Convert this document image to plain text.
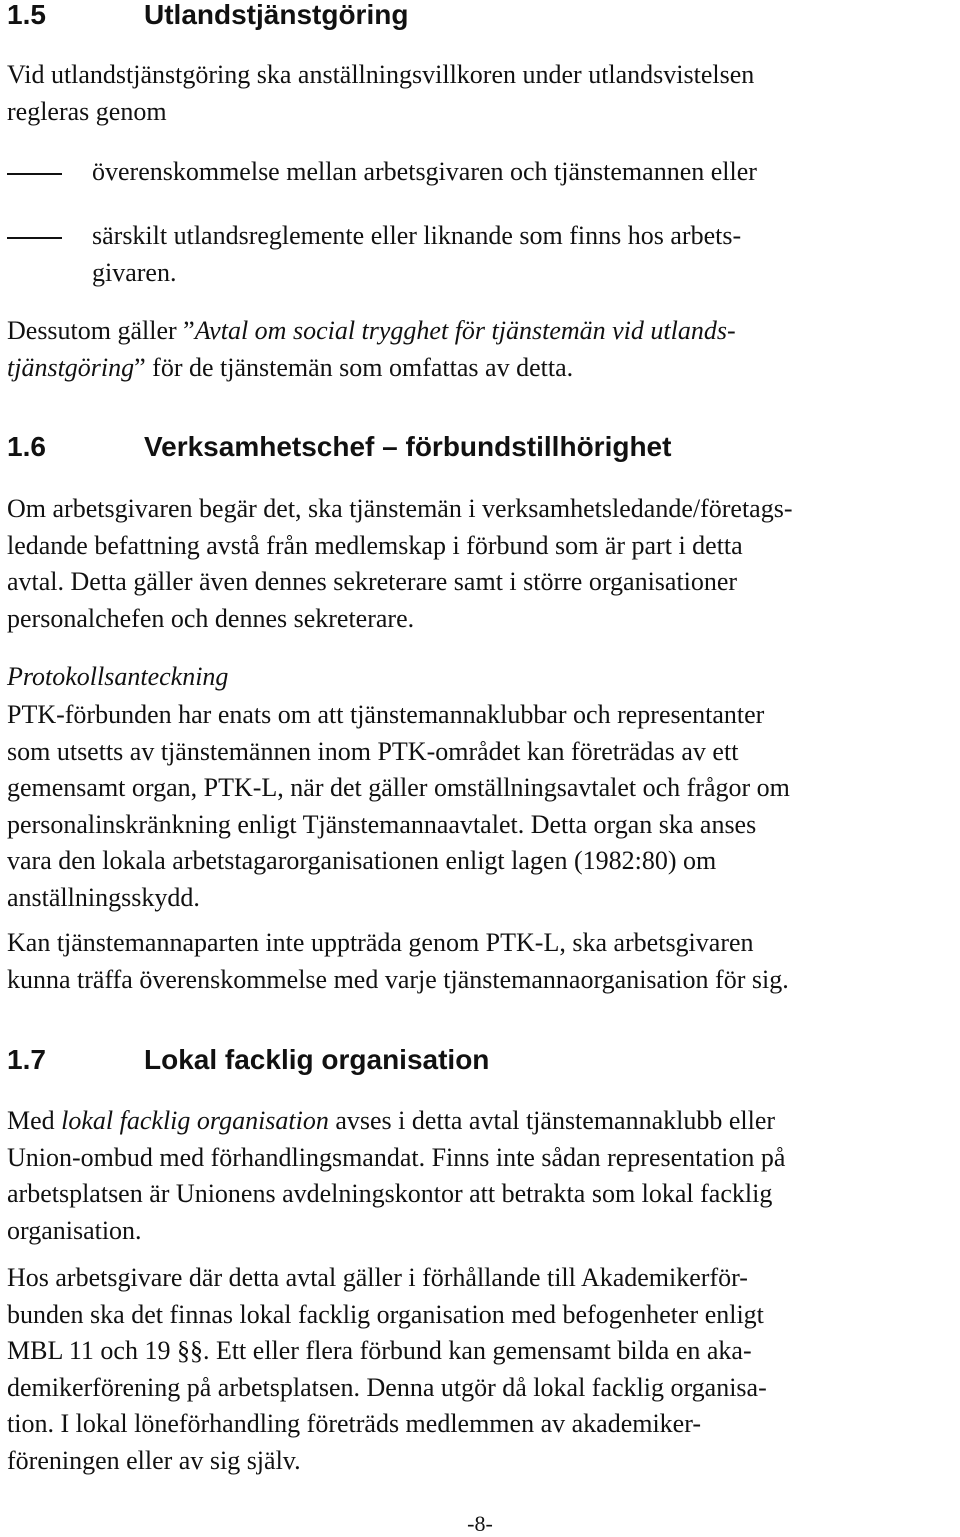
1.5	Utlandstjänstgöring

Vid utlandstjänstgöring ska anställningsvillkoren under utlandsvistelsen
regleras genom

överenskommelse mellan arbetsgivaren och tjänstemannen eller
särskilt utlandsreglemente eller liknande som finns hos arbets-
givaren.

Dessutom gäller ”Avtal om social trygghet för tjänstemän vid utlands-
tjänstgöring” för de tjänstemän som omfattas av detta.

1.6	Verksamhetschef – förbundstillhörighet

Om arbetsgivaren begär det, ska tjänstemän i verksamhetsledande/företags-
ledande befattning avstå från medlemskap i förbund som är part i detta
avtal. Detta gäller även dennes sekreterare samt i större organisationer
personalchefen och dennes sekreterare.

Protokollsanteckning

PTK-förbunden har enats om att tjänstemannaklubbar och representanter
som utsetts av tjänstemännen inom PTK-området kan företrädas av ett
gemensamt organ, PTK-L, när det gäller omställningsavtalet och frågor om
personalinskränkning enligt Tjänstemannaavtalet. Detta organ ska anses
vara den lokala arbetstagarorganisationen enligt lagen (1982:80) om
anställningsskydd.

Kan tjänstemannaparten inte uppträda genom PTK-L, ska arbetsgivaren
kunna träffa överenskommelse med varje tjänstemannaorganisation för sig.

1.7	Lokal facklig organisation

Med lokal facklig organisation avses i detta avtal tjänstemannaklubb eller
Union-ombud med förhandlingsmandat. Finns inte sådan representation på
arbetsplatsen är Unionens avdelningskontor att betrakta som lokal facklig
organisation.

Hos arbetsgivare där detta avtal gäller i förhållande till Akademikerför-
bunden ska det finnas lokal facklig organisation med befogenheter enligt
MBL 11 och 19 §§. Ett eller flera förbund kan gemensamt bilda en aka-
demikerförening på arbetsplatsen. Denna utgör då lokal facklig organisa-
tion. I lokal löneförhandling företräds medlemmen av akademiker-
föreningen eller av sig själv.

-8-
